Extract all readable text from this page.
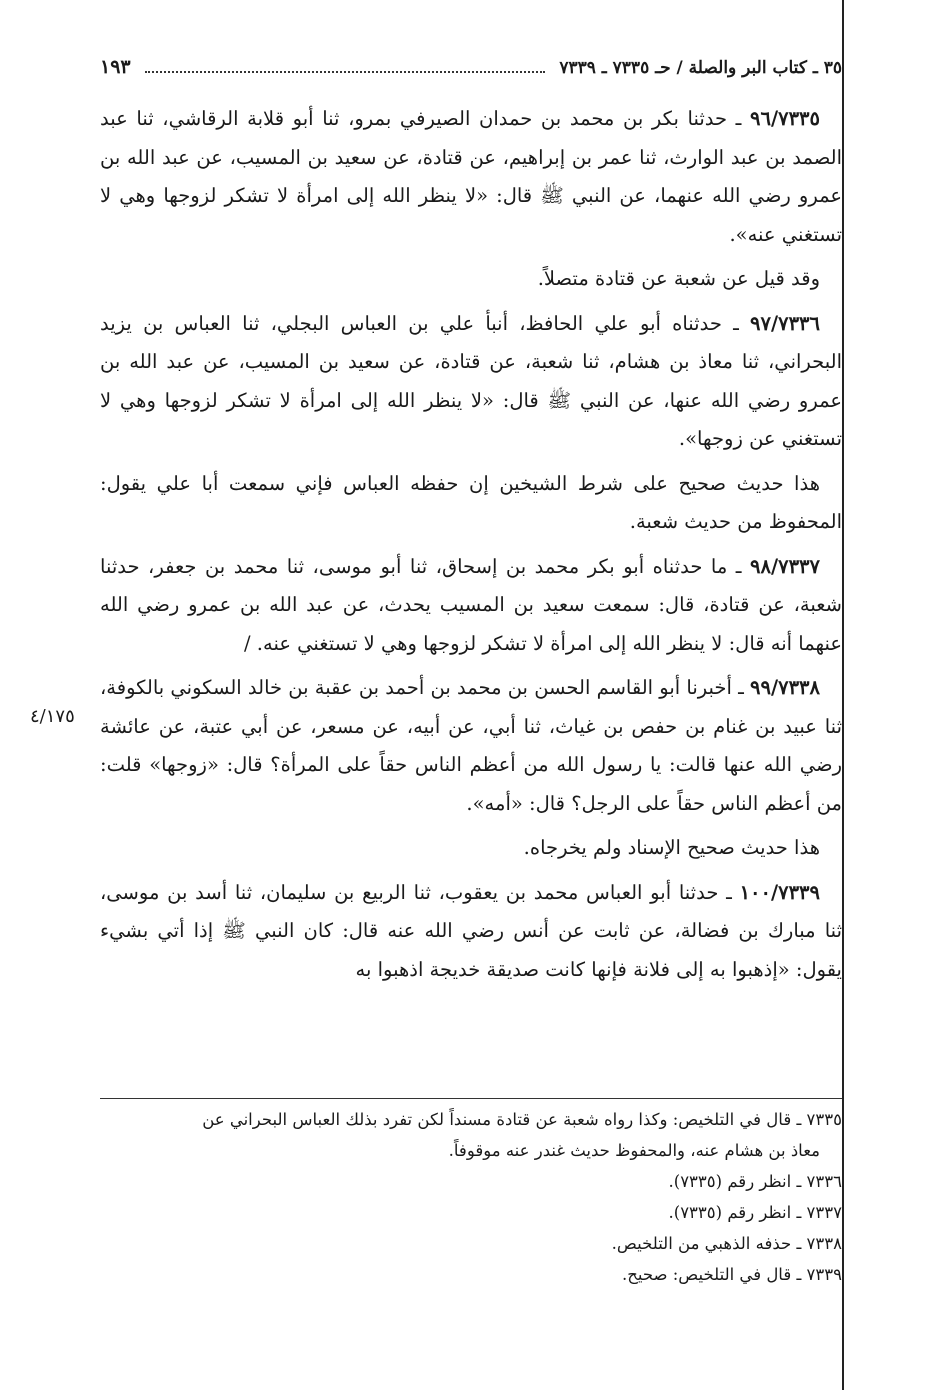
٣٥ ـ كتاب البر والصلة / حـ ٧٣٣٥ ـ ٧٣٣٩
١٩٣

٩٦/٧٣٣٥ ـ حدثنا بكر بن محمد بن حمدان الصيرفي بمرو، ثنا أبو قلابة الرقاشي، ثنا عبد الصمد بن عبد الوارث، ثنا عمر بن إبراهيم، عن قتادة، عن سعيد بن المسيب، عن عبد الله بن عمرو رضي الله عنهما، عن النبي ﷺ قال: «لا ينظر الله إلى امرأة لا تشكر لزوجها وهي لا تستغني عنه».

وقد قيل عن شعبة عن قتادة متصلاً.

٩٧/٧٣٣٦ ـ حدثناه أبو علي الحافظ، أنبأ علي بن العباس البجلي، ثنا العباس بن يزيد البحراني، ثنا معاذ بن هشام، ثنا شعبة، عن قتادة، عن سعيد بن المسيب، عن عبد الله بن عمرو رضي الله عنها، عن النبي ﷺ قال: «لا ينظر الله إلى امرأة لا تشكر لزوجها وهي لا تستغني عن زوجها».

هذا حديث صحيح على شرط الشيخين إن حفظه العباس فإني سمعت أبا علي يقول: المحفوظ من حديث شعبة.

٩٨/٧٣٣٧ ـ ما حدثناه أبو بكر محمد بن إسحاق، ثنا أبو موسى، ثنا محمد بن جعفر، حدثنا شعبة، عن قتادة، قال: سمعت سعيد بن المسيب يحدث، عن عبد الله بن عمرو رضي الله عنهما أنه قال: لا ينظر الله إلى امرأة لا تشكر لزوجها وهي لا تستغني عنه. /

٩٩/٧٣٣٨ ـ أخبرنا أبو القاسم الحسن بن محمد بن أحمد بن عقبة بن خالد السكوني بالكوفة، ثنا عبيد بن غنام بن حفص بن غياث، ثنا أبي، عن أبيه، عن مسعر، عن أبي عتبة، عن عائشة رضي الله عنها قالت: يا رسول الله من أعظم الناس حقاً على المرأة؟ قال: «زوجها» قلت: من أعظم الناس حقاً على الرجل؟ قال: «أمه».

هذا حديث صحيح الإسناد ولم يخرجاه.

١٠٠/٧٣٣٩ ـ حدثنا أبو العباس محمد بن يعقوب، ثنا الربيع بن سليمان، ثنا أسد بن موسى، ثنا مبارك بن فضالة، عن ثابت عن أنس رضي الله عنه قال: كان النبي ﷺ إذا أتي بشيء يقول: «إذهبوا به إلى فلانة فإنها كانت صديقة خديجة اذهبوا به

٤/١٧٥

٧٣٣٥ ـ قال في التلخيص: وكذا رواه شعبة عن قتادة مسنداً لكن تفرد بذلك العباس البحراني عن
معاذ بن هشام عنه، والمحفوظ حديث غندر عنه موقوفاً.

٧٣٣٦ ـ انظر رقم (٧٣٣٥).

٧٣٣٧ ـ انظر رقم (٧٣٣٥).

٧٣٣٨ ـ حذفه الذهبي من التلخيص.

٧٣٣٩ ـ قال في التلخيص: صحيح.
